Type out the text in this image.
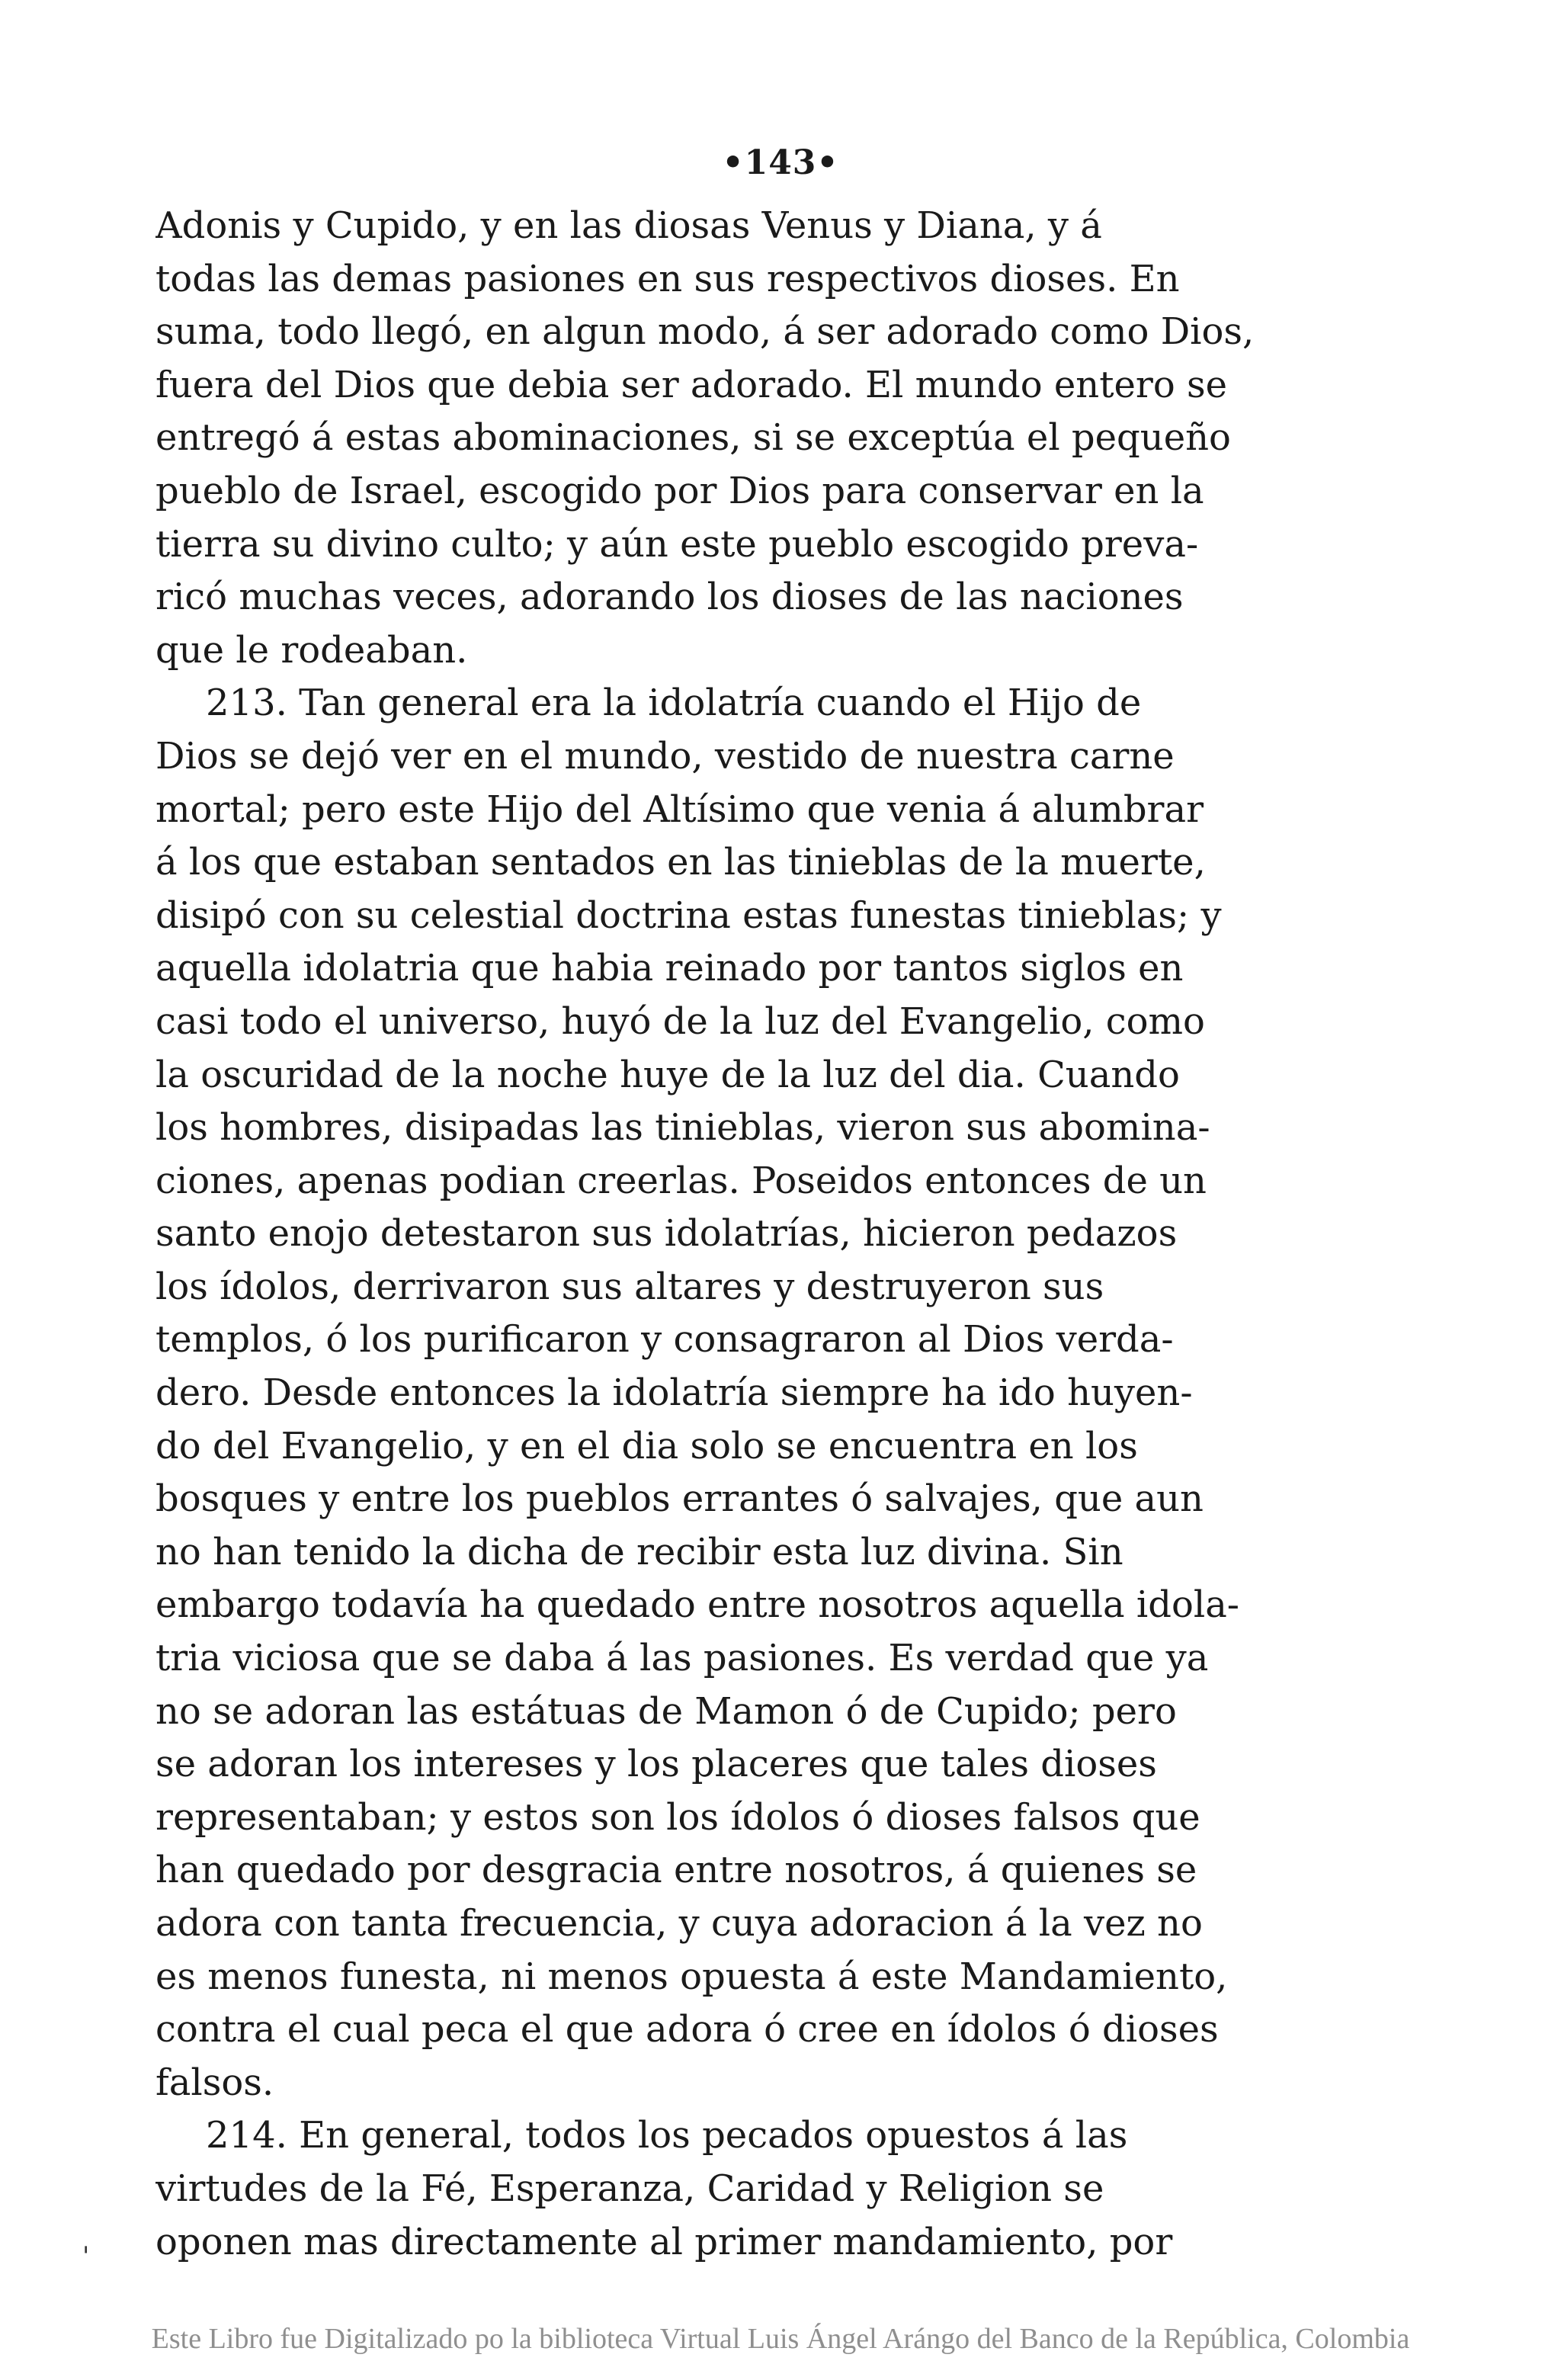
•143•
Adonis y Cupido, y en las diosas Venus y Diana, y á
todas las demas pasiones en sus respectivos dioses. En
suma, todo llegó, en algun modo, á ser adorado como Dios,
fuera del Dios que debia ser adorado. El mundo entero se
entregó á estas abominaciones, si se exceptúa el pequeño
pueblo de Israel, escogido por Dios para conservar en la
tierra su divino culto; y aún este pueblo escogido preva-
ricó muchas veces, adorando los dioses de las naciones
que le rodeaban.
213. Tan general era la idolatría cuando el Hijo de
Dios se dejó ver en el mundo, vestido de nuestra carne
mortal; pero este Hijo del Altísimo que venia á alumbrar
á los que estaban sentados en las tinieblas de la muerte,
disipó con su celestial doctrina estas funestas tinieblas; y
aquella idolatria que habia reinado por tantos siglos en
casi todo el universo, huyó de la luz del Evangelio, como
la oscuridad de la noche huye de la luz del dia. Cuando
los hombres, disipadas las tinieblas, vieron sus abomina-
ciones, apenas podian creerlas. Poseidos entonces de un
santo enojo detestaron sus idolatrías, hicieron pedazos
los ídolos, derrivaron sus altares y destruyeron sus
templos, ó los purificaron y consagraron al Dios verda-
dero. Desde entonces la idolatría siempre ha ido huyen-
do del Evangelio, y en el dia solo se encuentra en los
bosques y entre los pueblos errantes ó salvajes, que aun
no han tenido la dicha de recibir esta luz divina. Sin
embargo todavía ha quedado entre nosotros aquella idola-
tria viciosa que se daba á las pasiones. Es verdad que ya
no se adoran las estátuas de Mamon ó de Cupido; pero
se adoran los intereses y los placeres que tales dioses
representaban; y estos son los ídolos ó dioses falsos que
han quedado por desgracia entre nosotros, á quienes se
adora con tanta frecuencia, y cuya adoracion á la vez no
es menos funesta, ni menos opuesta á este Mandamiento,
contra el cual peca el que adora ó cree en ídolos ó dioses
falsos.
214. En general, todos los pecados opuestos á las
virtudes de la Fé, Esperanza, Caridad y Religion se
oponen mas directamente al primer mandamiento, por
'
Este Libro fue Digitalizado po la biblioteca Virtual Luis Ángel Arángo del Banco de la República, Colombia
